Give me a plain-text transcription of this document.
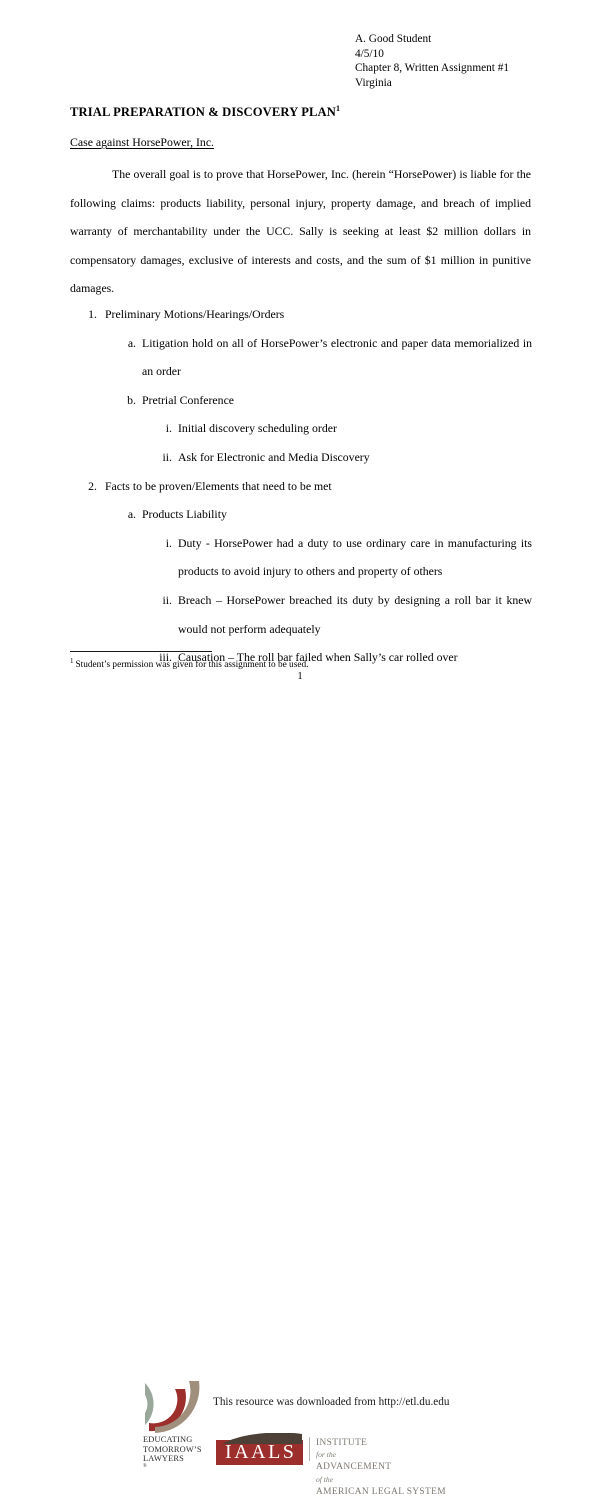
A. Good Student
4/5/10
Chapter 8, Written Assignment #1
Virginia
TRIAL PREPARATION & DISCOVERY PLAN$^1$
Case against HorsePower, Inc.
The overall goal is to prove that HorsePower, Inc. (herein “HorsePower) is liable for the following claims: products liability, personal injury, property damage, and breach of implied warranty of merchantability under the UCC. Sally is seeking at least $2 million dollars in compensatory damages, exclusive of interests and costs, and the sum of $1 million in punitive damages.
1. Preliminary Motions/Hearings/Orders
a. Litigation hold on all of HorsePower’s electronic and paper data memorialized in an order
b. Pretrial Conference
i. Initial discovery scheduling order
ii. Ask for Electronic and Media Discovery
2. Facts to be proven/Elements that need to be met
a. Products Liability
i. Duty - HorsePower had a duty to use ordinary care in manufacturing its products to avoid injury to others and property of others
ii. Breach – HorsePower breached its duty by designing a roll bar it knew would not perform adequately
iii. Causation – The roll bar failed when Sally’s car rolled over
$^1$ Student’s permission was given for this assignment to be used.
1
This resource was downloaded from http://etl.du.edu
EDUCATING
TOMORROW’S
LAWYERS
®
IAALS	INSTITUTE
for the
ADVANCEMENT
of the
AMERICAN LEGAL SYSTEM
